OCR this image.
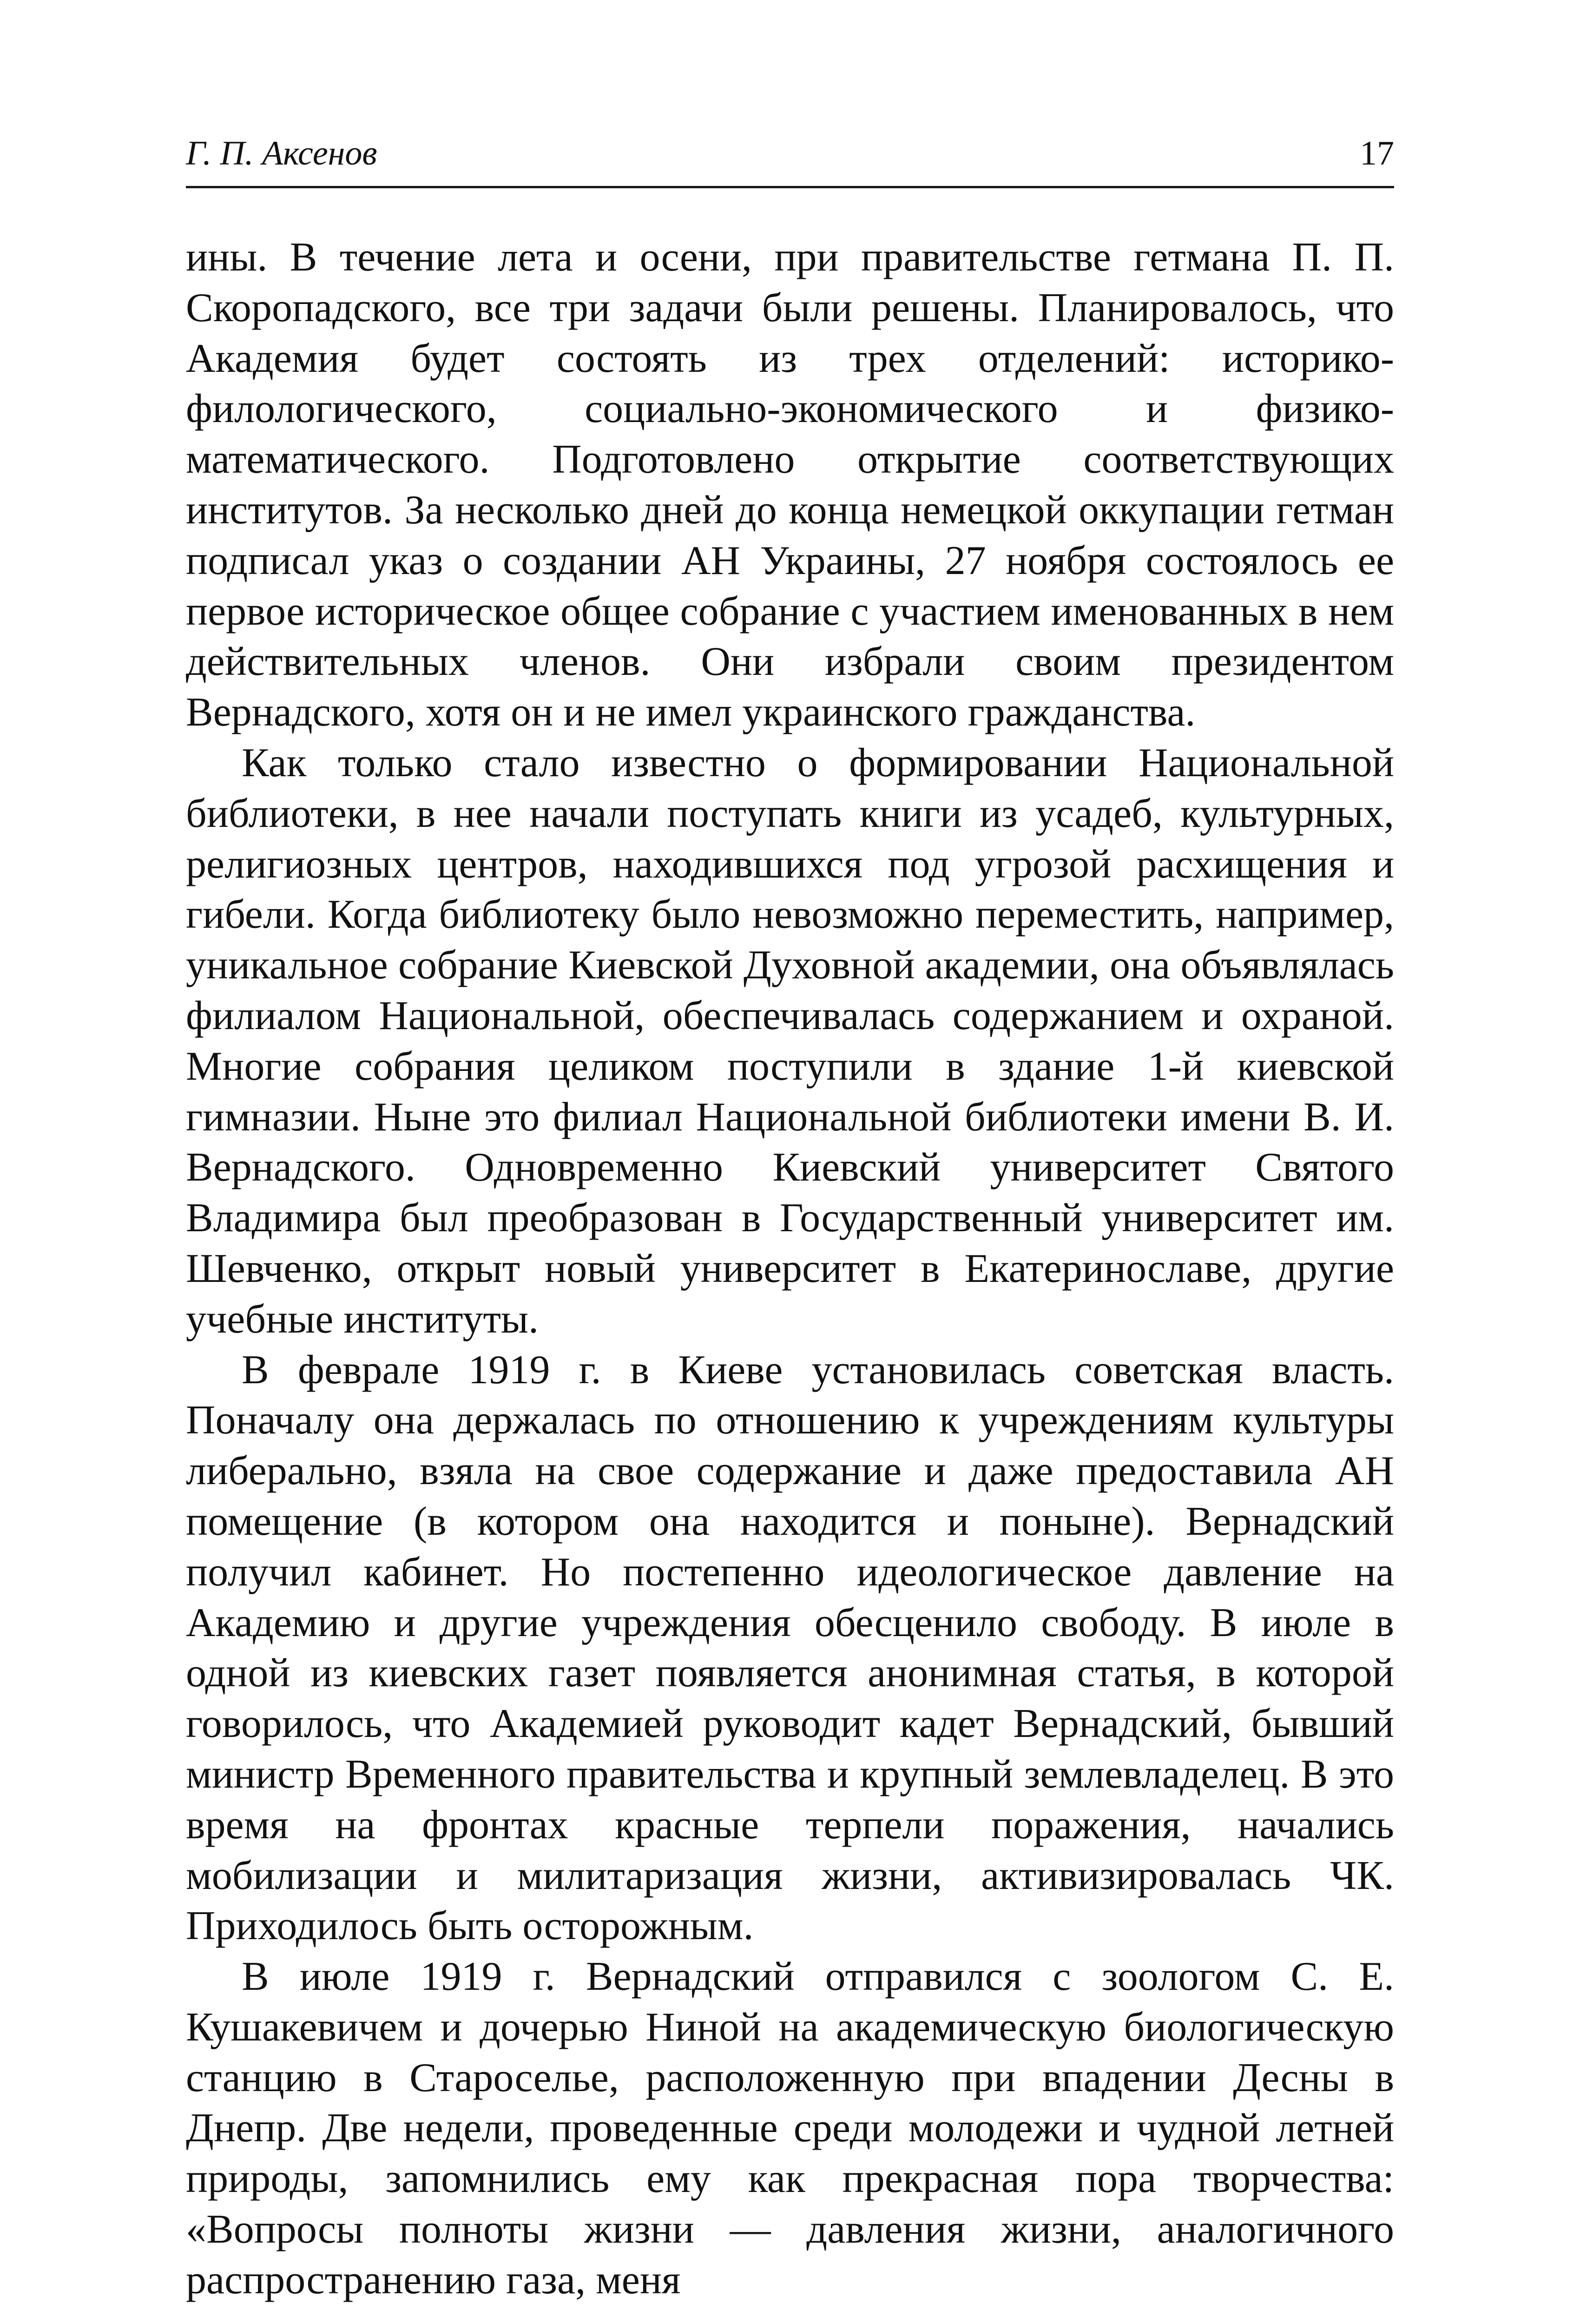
Г. П. Аксенов	17

ины. В течение лета и осени, при правительстве гетмана П. П. Скоропадского, все три задачи были решены. Планировалось, что Академия будет состоять из трех отделений: историко-филологического, социально-экономического и физико-математического. Подготовлено открытие соответствующих институтов. За несколько дней до конца немецкой оккупации гетман подписал указ о создании АН Украины, 27 ноября состоялось ее первое историческое общее собрание с участием именованных в нем действительных членов. Они избрали своим президентом Вернадского, хотя он и не имел украинского гражданства.

Как только стало известно о формировании Национальной библиотеки, в нее начали поступать книги из усадеб, культурных, религиозных центров, находившихся под угрозой расхищения и гибели. Когда библиотеку было невозможно переместить, например, уникальное собрание Киевской Духовной академии, она объявлялась филиалом Национальной, обеспечивалась содержанием и охраной. Многие собрания целиком поступили в здание 1-й киевской гимназии. Ныне это филиал Национальной библиотеки имени В. И. Вернадского. Одновременно Киевский университет Святого Владимира был преобразован в Государственный университет им. Шевченко, открыт новый университет в Екатеринославе, другие учебные институты.

В феврале 1919 г. в Киеве установилась советская власть. Поначалу она держалась по отношению к учреждениям культуры либерально, взяла на свое содержание и даже предоставила АН помещение (в котором она находится и поныне). Вернадский получил кабинет. Но постепенно идеологическое давление на Академию и другие учреждения обесценило свободу. В июле в одной из киевских газет появляется анонимная статья, в которой говорилось, что Академией руководит кадет Вернадский, бывший министр Временного правительства и крупный землевладелец. В это время на фронтах красные терпели поражения, начались мобилизации и милитаризация жизни, активизировалась ЧК. Приходилось быть осторожным.

В июле 1919 г. Вернадский отправился с зоологом С. Е. Кушакевичем и дочерью Ниной на академическую биологическую станцию в Староселье, расположенную при впадении Десны в Днепр. Две недели, проведенные среди молодежи и чудной летней природы, запомнились ему как прекрасная пора творчества: «Вопросы полноты жизни — давления жизни, аналогичного распространению газа, меня
